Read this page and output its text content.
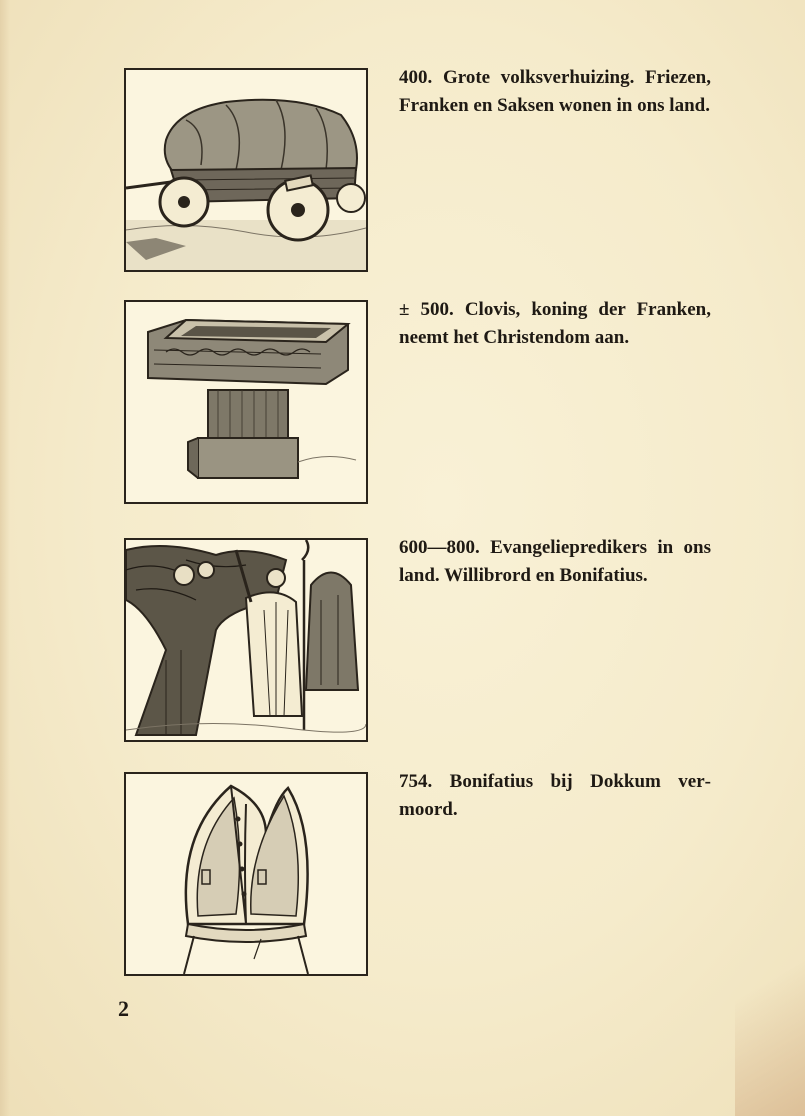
400. Grote volksverhuizing. Friezen, Franken en Saksen wonen in ons land.
± 500. Clovis, koning der Franken, neemt het Christendom aan.
600—800. Evangeliepredikers in ons land. Willibrord en Bonifatius.
754. Bonifatius bij Dokkum vermoord.
2
